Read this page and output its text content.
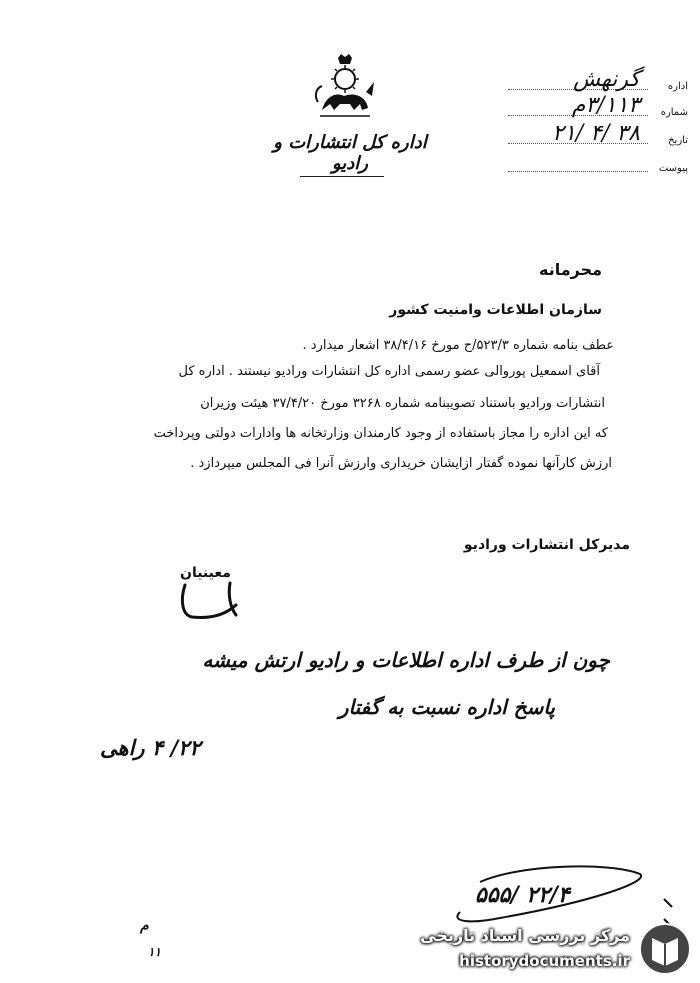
اداره کل انتشارات و رادیو
اداره
گرنهش
شماره
۳/۱۱۳م
تاریخ
۲۱/ ۴/ ۳۸
پیوست
محرمانه
سازمان اطلاعات وامنیت کشور
عطف بنامه شماره ۵۲۳/۳/ح مورخ ۳۸/۴/۱۶ اشعار میدارد .
آقای اسمعیل پوروالی عضو رسمی اداره کل انتشارات ورادیو نیستند . اداره کل
انتشارات ورادیو باستناد تصویبنامه شماره ۳۲۶۸ مورخ ۳۷/۴/۲۰ هیئت وزیران
که این اداره را مجاز باستفاده از وجود کارمندان وزارتخانه ها وادارات دولتی وپرداخت
ارزش کارآنها نموده گفتار ازایشان خریداری وارزش آنرا فی المجلس میپردازد .
مدیرکل انتشارات ورادیو
معینیان
چون از طرف اداره اطلاعات و رادیو ارتش میشه
پاسخ اداره نسبت به گفتار
۲۲/ ۴ راهی
۵۵۵/ ۲۲/۴
م
۱۱
مرکز بررسی اسناد تاریخی
historydocuments.ir
